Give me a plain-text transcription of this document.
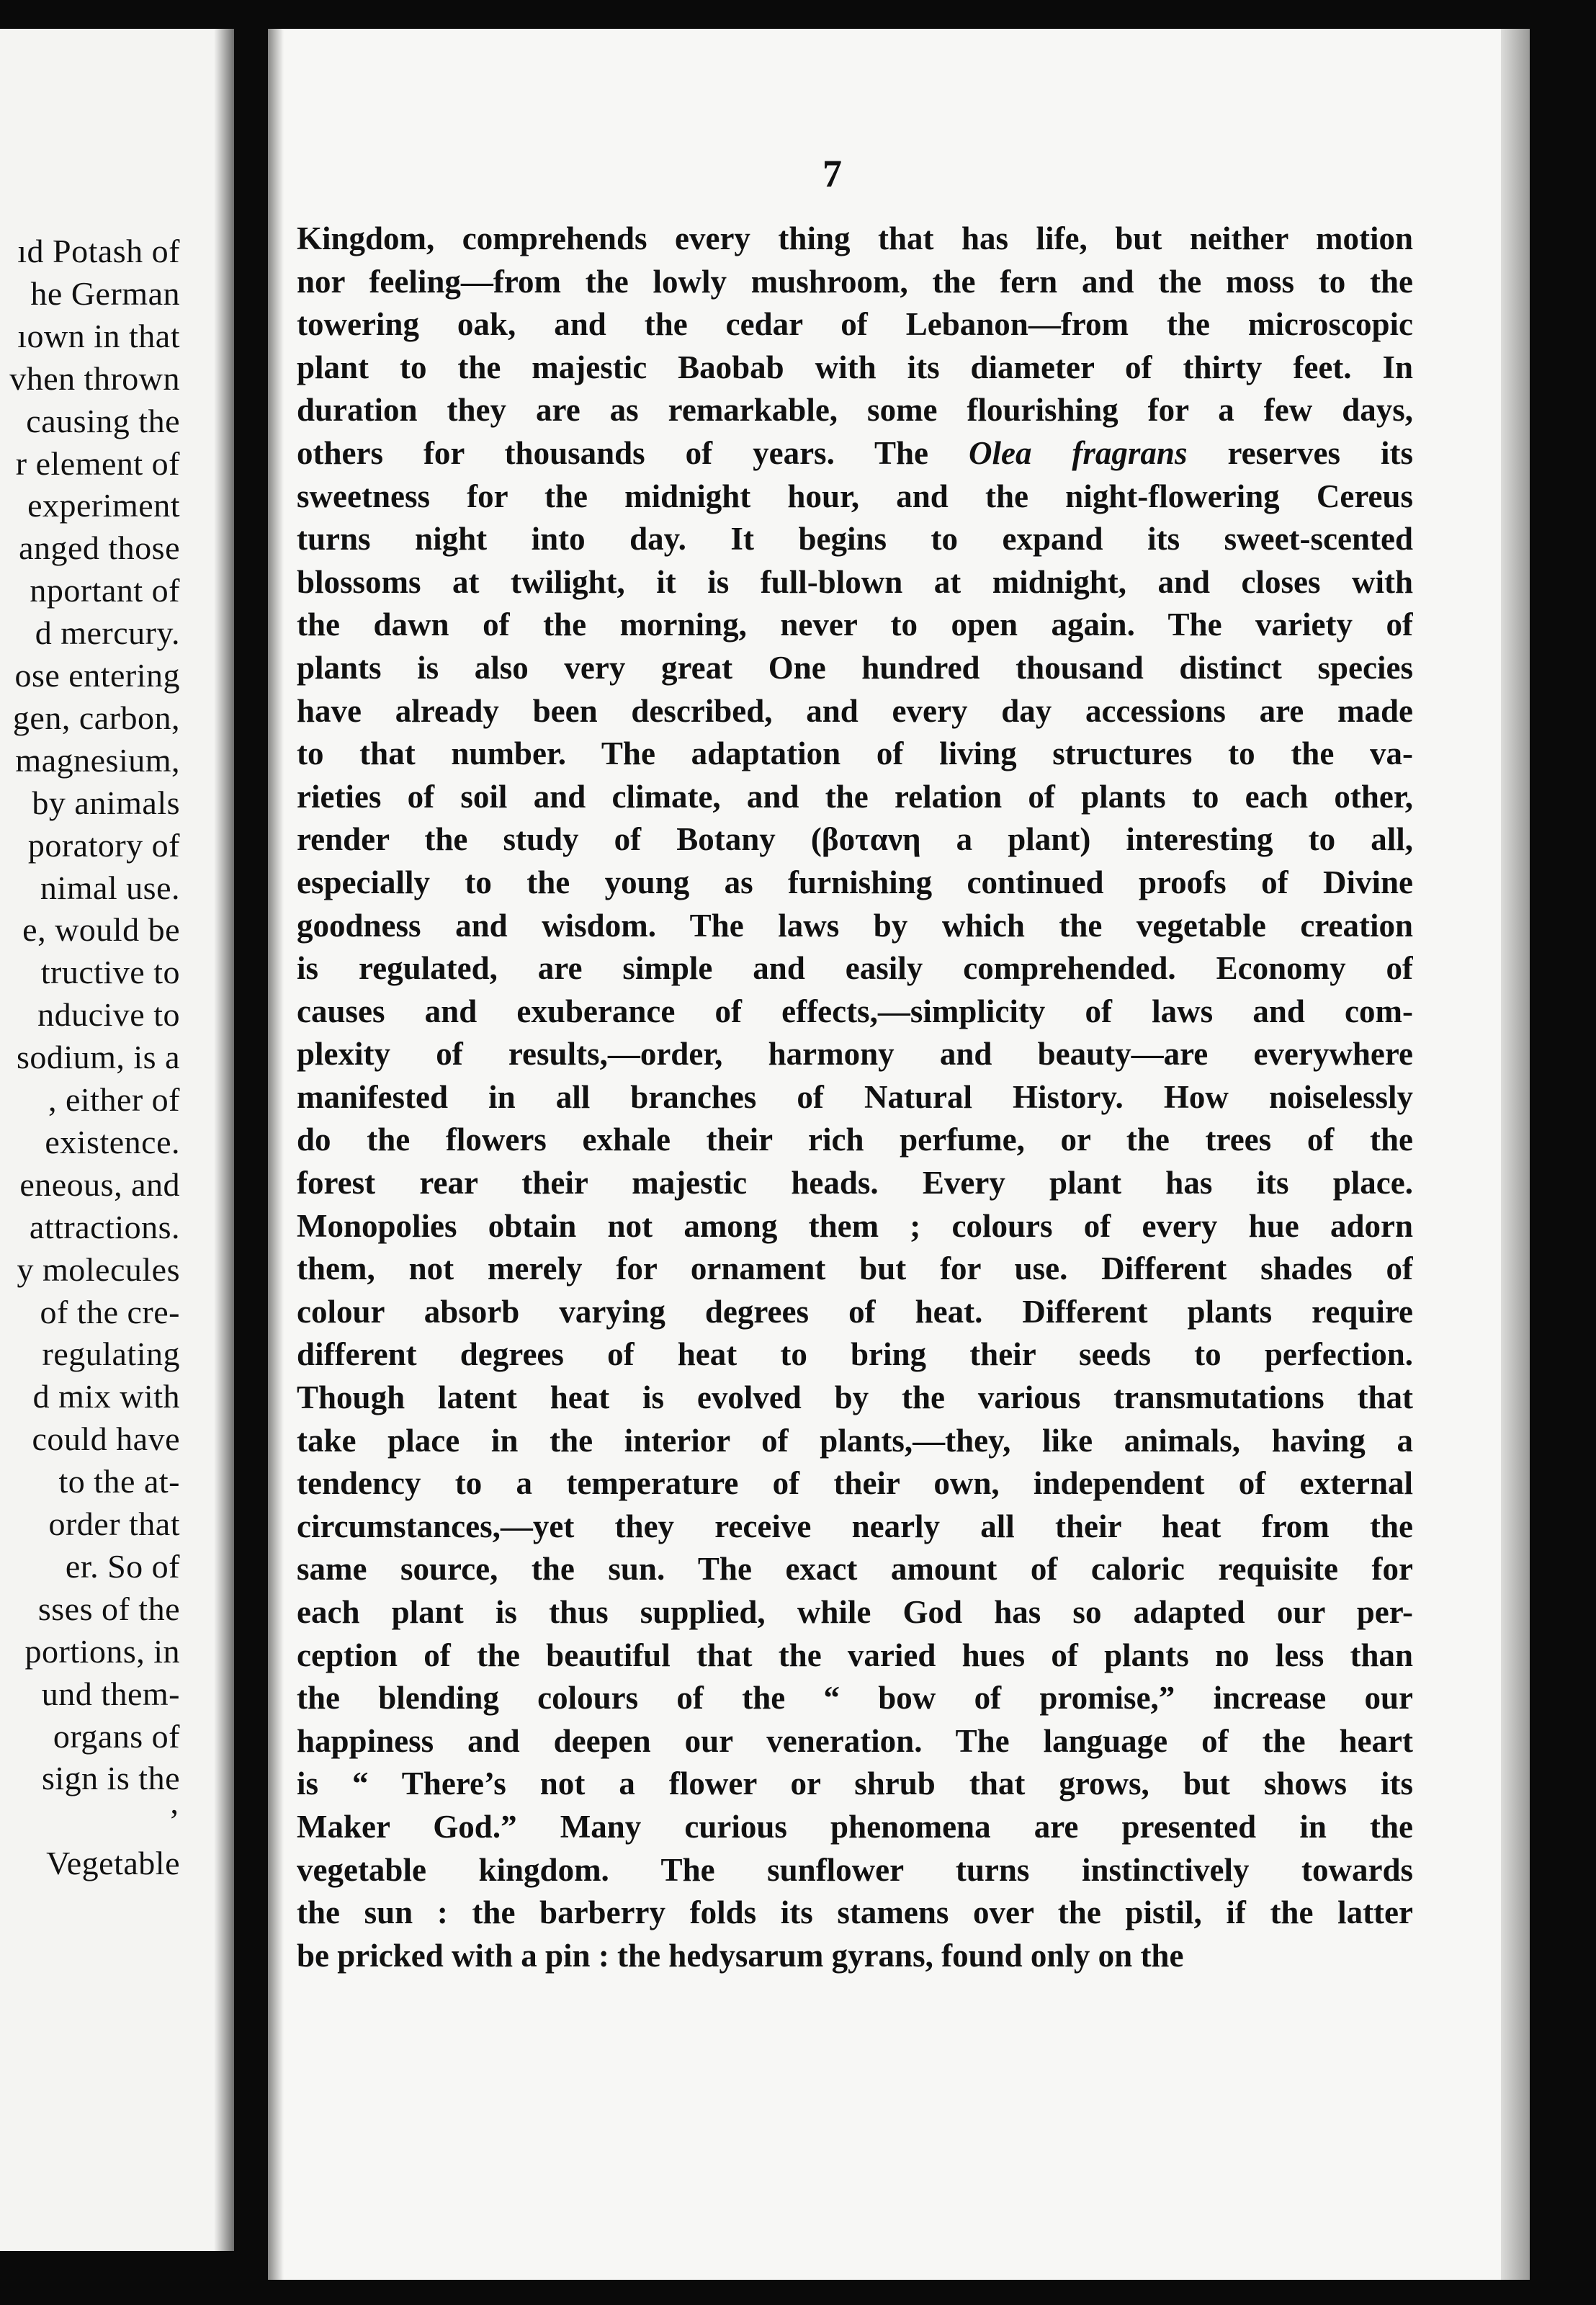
ıd Potash of
he German
ıown in that
vhen thrown
causing the
r element of
experiment
anged those
nportant of
d mercury.
ose entering
gen, carbon,
magnesium,
by animals
poratory of
nimal use.
e, would be
tructive to
nducive to
sodium, is a
, either of
existence.
eneous, and
attractions.
y molecules
of the cre-
regulating
d mix with
could have
to the at-
order that
er. So of
sses of the
portions, in
und them-
organs of
sign is the
’
Vegetable
7
Kingdom, comprehends every thing that has life, but neither motion
nor feeling—from the lowly mushroom, the fern and the moss to the
towering oak, and the cedar of Lebanon—from the microscopic
plant to the majestic Baobab with its diameter of thirty feet. In
duration they are as remarkable, some flourishing for a few days,
others for thousands of years. The Olea fragrans reserves its
sweetness for the midnight hour, and the night-flowering Cereus
turns night into day. It begins to expand its sweet-scented
blossoms at twilight, it is full-blown at midnight, and closes with
the dawn of the morning, never to open again. The variety of
plants is also very great One hundred thousand distinct species
have already been described, and every day accessions are made
to that number. The adaptation of living structures to the va-
rieties of soil and climate, and the relation of plants to each other,
render the study of Botany (βοτανη a plant) interesting to all,
especially to the young as furnishing continued proofs of Divine
goodness and wisdom. The laws by which the vegetable creation
is regulated, are simple and easily comprehended. Economy of
causes and exuberance of effects,—simplicity of laws and com-
plexity of results,—order, harmony and beauty—are everywhere
manifested in all branches of Natural History. How noiselessly
do the flowers exhale their rich perfume, or the trees of the
forest rear their majestic heads. Every plant has its place.
Monopolies obtain not among them ; colours of every hue adorn
them, not merely for ornament but for use. Different shades of
colour absorb varying degrees of heat. Different plants require
different degrees of heat to bring their seeds to perfection.
Though latent heat is evolved by the various transmutations that
take place in the interior of plants,—they, like animals, having a
tendency to a temperature of their own, independent of external
circumstances,—yet they receive nearly all their heat from the
same source, the sun. The exact amount of caloric requisite for
each plant is thus supplied, while God has so adapted our per-
ception of the beautiful that the varied hues of plants no less than
the blending colours of the “ bow of promise,” increase our
happiness and deepen our veneration. The language of the heart
is “ There’s not a flower or shrub that grows, but shows its
Maker God.” Many curious phenomena are presented in the
vegetable kingdom. The sunflower turns instinctively towards
the sun : the barberry folds its stamens over the pistil, if the latter
be pricked with a pin : the hedysarum gyrans, found only on the
